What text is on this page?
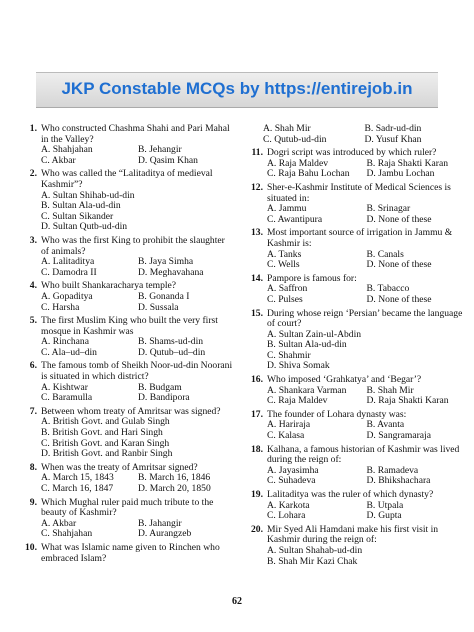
JKP Constable MCQs by https://entirejob.in
1. Who constructed Chashma Shahi and Pari Mahal in the Valley?
A. Shahjahan	B. Jehangir
C. Akbar	D. Qasim Khan
2. Who was called the “Lalitaditya of medieval Kashmir”?
A. Sultan Shihab-ud-din
B. Sultan Ala-ud-din
C. Sultan Sikander
D. Sultan Qutb-ud-din
3. Who was the first King to prohibit the slaughter of animals?
A. Lalitaditya	B. Jaya Simha
C. Damodra II	D. Meghavahana
4. Who built Shankaracharya temple?
A. Gopaditya	B. Gonanda I
C. Harsha	D. Sussala
5. The first Muslim King who built the very first mosque in Kashmir was
A. Rinchana	B. Shams-ud-din
C. Ala–ud–din	D. Qutub–ud–din
6. The famous tomb of Sheikh Noor-ud-din Noorani is situated in which district?
A. Kishtwar	B. Budgam
C. Baramulla	D. Bandipora
7. Between whom treaty of Amritsar was signed?
A. British Govt. and Gulab Singh
B. British Govt. and Hari Singh
C. British Govt. and Karan Singh
D. British Govt. and Ranbir Singh
8. When was the treaty of Amritsar signed?
A. March 15, 1843	B. March 16, 1846
C. March 16, 1847	D. March 20, 1850
9. Which Mughal ruler paid much tribute to the beauty of Kashmir?
A. Akbar	B. Jahangir
C. Shahjahan	D. Aurangzeb
10. What was Islamic name given to Rinchen who embraced Islam?
A. Shah Mir	B. Sadr-ud-din
C. Qutub-ud-din	D. Yusuf Khan
11. Dogri script was introduced by which ruler?
A. Raja Maldev	B. Raja Shakti Karan
C. Raja Bahu Lochan	D. Jambu Lochan
12. Sher-e-Kashmir Institute of Medical Sciences is situated in:
A. Jammu	B. Srinagar
C. Awantipura	D. None of these
13. Most important source of irrigation in Jammu & Kashmir is:
A. Tanks	B. Canals
C. Wells	D. None of these
14. Pampore is famous for:
A. Saffron	B. Tabacco
C. Pulses	D. None of these
15. During whose reign ‘Persian’ became the language of court?
A. Sultan Zain-ul-Abdin
B. Sultan Ala-ud-din
C. Shahmir
D. Shiva Somak
16. Who imposed ‘Grahkatya’ and ‘Begar’?
A. Shankara Varman	B. Shah Mir
C. Raja Maldev	D. Raja Shakti Karan
17. The founder of Lohara dynasty was:
A. Hariraja	B. Avanta
C. Kalasa	D. Sangramaraja
18. Kalhana, a famous historian of Kashmir was lived during the reign of:
A. Jayasimha	B. Ramadeva
C. Suhadeva	D. Bhikshachara
19. Lalitaditya was the ruler of which dynasty?
A. Karkota	B. Utpala
C. Lohara	D. Gupta
20. Mir Syed Ali Hamdani make his first visit in Kashmir during the reign of:
A. Sultan Shahab-ud-din
B. Shah Mir Kazi Chak
62
